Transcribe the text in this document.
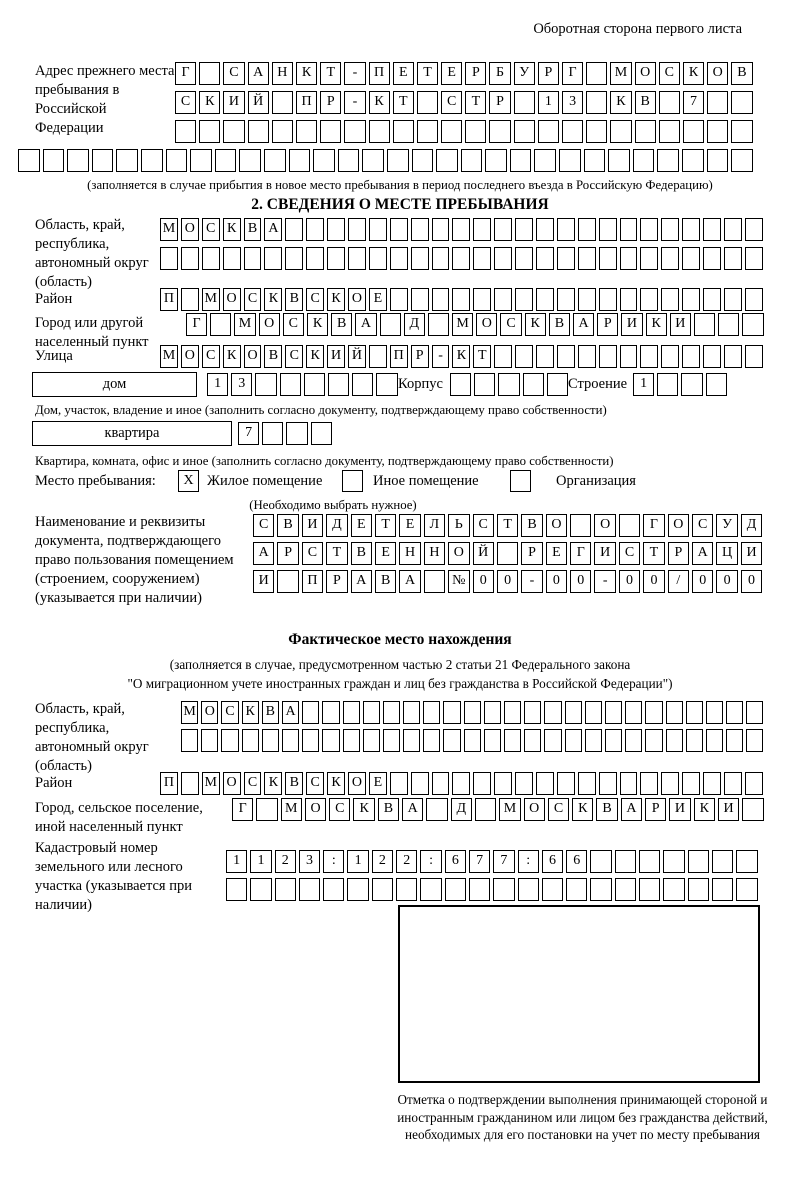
Оборотная сторона первого листа
Адрес прежнего места пребывания в Российской Федерации
Г	С	А	Н	К	Т	-	П	Е	Т	Е	Р	Б	У	Р	Г	М О	С	К	О	В
С	К	И	Й	П	Р	-	К	Т	С	Т	Р	1	3	К	В	7
(заполняется в случае прибытия в новое место пребывания в период последнего въезда в Российскую Федерацию)
2. СВЕДЕНИЯ О МЕСТЕ ПРЕБЫВАНИЯ
Область, край, республика, автономный округ (область)
М О С К В А
Район	П М О С К В С К О Е
Город или другой населенный пункт
Г	М О	С	К	В	А	Д	М О	С	К	В	А	Р	И	К	И
Улица	М О С К О В С К И Й П Р	- К Т
дом	1	3	Корпус	Строение 1
Дом, участок, владение и иное (заполнить согласно документу, подтверждающему право собственности)
квартира	7
Квартира, комната, офис и иное (заполнить согласно документу, подтверждающему право собственности)
Место пребывания:	X Жилое помещение	Иное помещение	Организация
(Необходимо выбрать нужное)
Наименование и реквизиты документа, подтверждающего право пользования помещением (строением, сооружением) (указывается при наличии)
С	В	И	Д	Е	Т	Е	Л	Ь	С	Т	В	О	О	Г	О	С	У	Д
А	Р	С	Т	В	Е	Н	Н	О	Й	Р	Е	Г	И	С	Т	Р	А	Ц	И
И	П	Р	А	В	А	№	0	0	-	0	0	-	0	0	/	0	0	0
Фактическое место нахождения
(заполняется в случае, предусмотренном частью 2 статьи 21 Федерального закона
"О миграционном учете иностранных граждан и лиц без гражданства в Российской Федерации")
Область, край, республика, автономный округ (область)
М О С К В А
Район	П М О С К В С К О Е
Город, сельское поселение, иной населенный пункт
Г	М О	С	К	В	А	Д	М О	С	К	В	А	Р	И	К	И
Кадастровый номер земельного или лесного участка (указывается при наличии)
1	1	2	3	:	1	2	2	:	6	7	7	:	6	6
Отметка о подтверждении выполнения принимающей стороной и иностранным гражданином или лицом без гражданства действий, необходимых для его постановки на учет по месту пребывания
